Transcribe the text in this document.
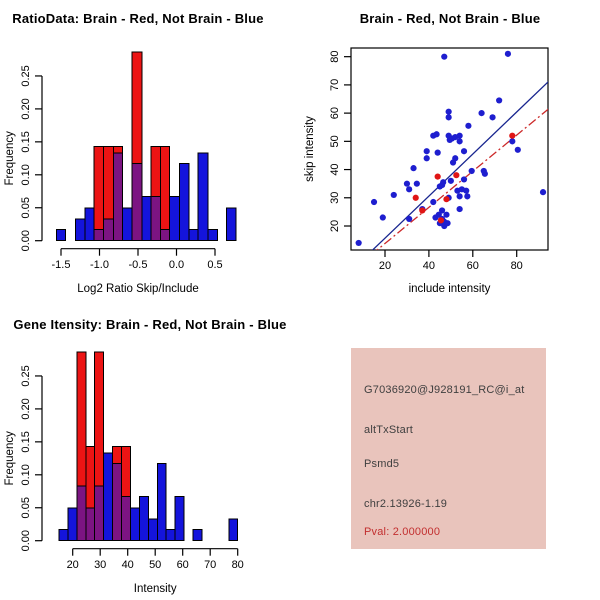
RatioData: Brain - Red, Not Brain - Blue
0.00
0.05
0.10
0.15
0.20
0.25
Frequency
-1.5 -1.0 -0.5 0.0 0.5
Log2 Ratio Skip/Include
Brain - Red, Not Brain - Blue
20	40	60	80
include intensity
20
30
40
50
60
70
80
skip intensity
Gene Itensity: Brain - Red, Not Brain - Blue
0.00
0.05
0.10
0.15
0.20
0.25
Frequency
20 30 40 50 60 70 80
Intensity
G7036920@J928191_RC@i_at
altTxStart
Psmd5
chr2.13926-1.19
Pval: 2.000000
